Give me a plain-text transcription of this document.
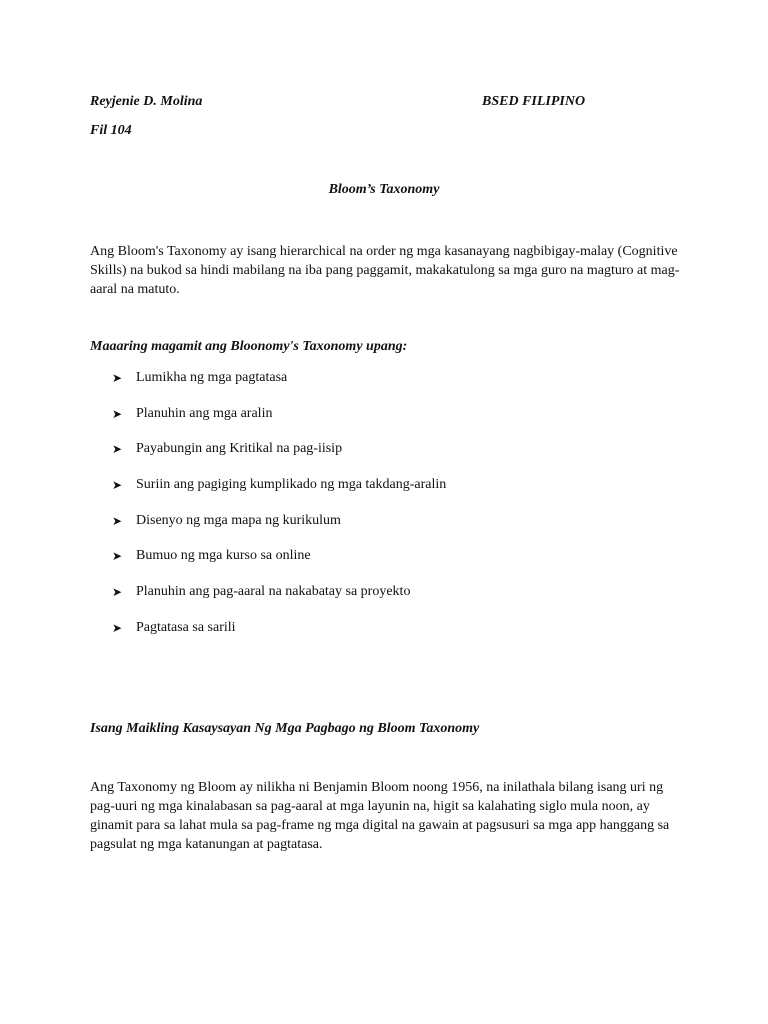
Reyjenie D. Molina	BSED FILIPINO
Fil 104
Bloom’s Taxonomy
Ang Bloom's Taxonomy ay isang hierarchical na order ng mga kasanayang nagbibigay-malay (Cognitive Skills) na bukod sa hindi mabilang na iba pang paggamit, makakatulong sa mga guro na magturo at mag-aaral na matuto.
Maaaring magamit ang Bloonomy's Taxonomy upang:
➤ Lumikha ng mga pagtatasa
➤ Planuhin ang mga aralin
➤ Payabungin ang Kritikal na pag-iisip
➤ Suriin ang pagiging kumplikado ng mga takdang-aralin
➤ Disenyo ng mga mapa ng kurikulum
➤ Bumuo ng mga kurso sa online
➤ Planuhin ang pag-aaral na nakabatay sa proyekto
➤ Pagtatasa sa sarili
Isang Maikling Kasaysayan Ng Mga Pagbago ng Bloom Taxonomy
Ang Taxonomy ng Bloom ay nilikha ni Benjamin Bloom noong 1956, na inilathala bilang isang uri ng pag-uuri ng mga kinalabasan sa pag-aaral at mga layunin na, higit sa kalahating siglo mula noon, ay ginamit para sa lahat mula sa pag-frame ng mga digital na gawain at pagsusuri sa mga app hanggang sa pagsulat ng mga katanungan at pagtatasa.
